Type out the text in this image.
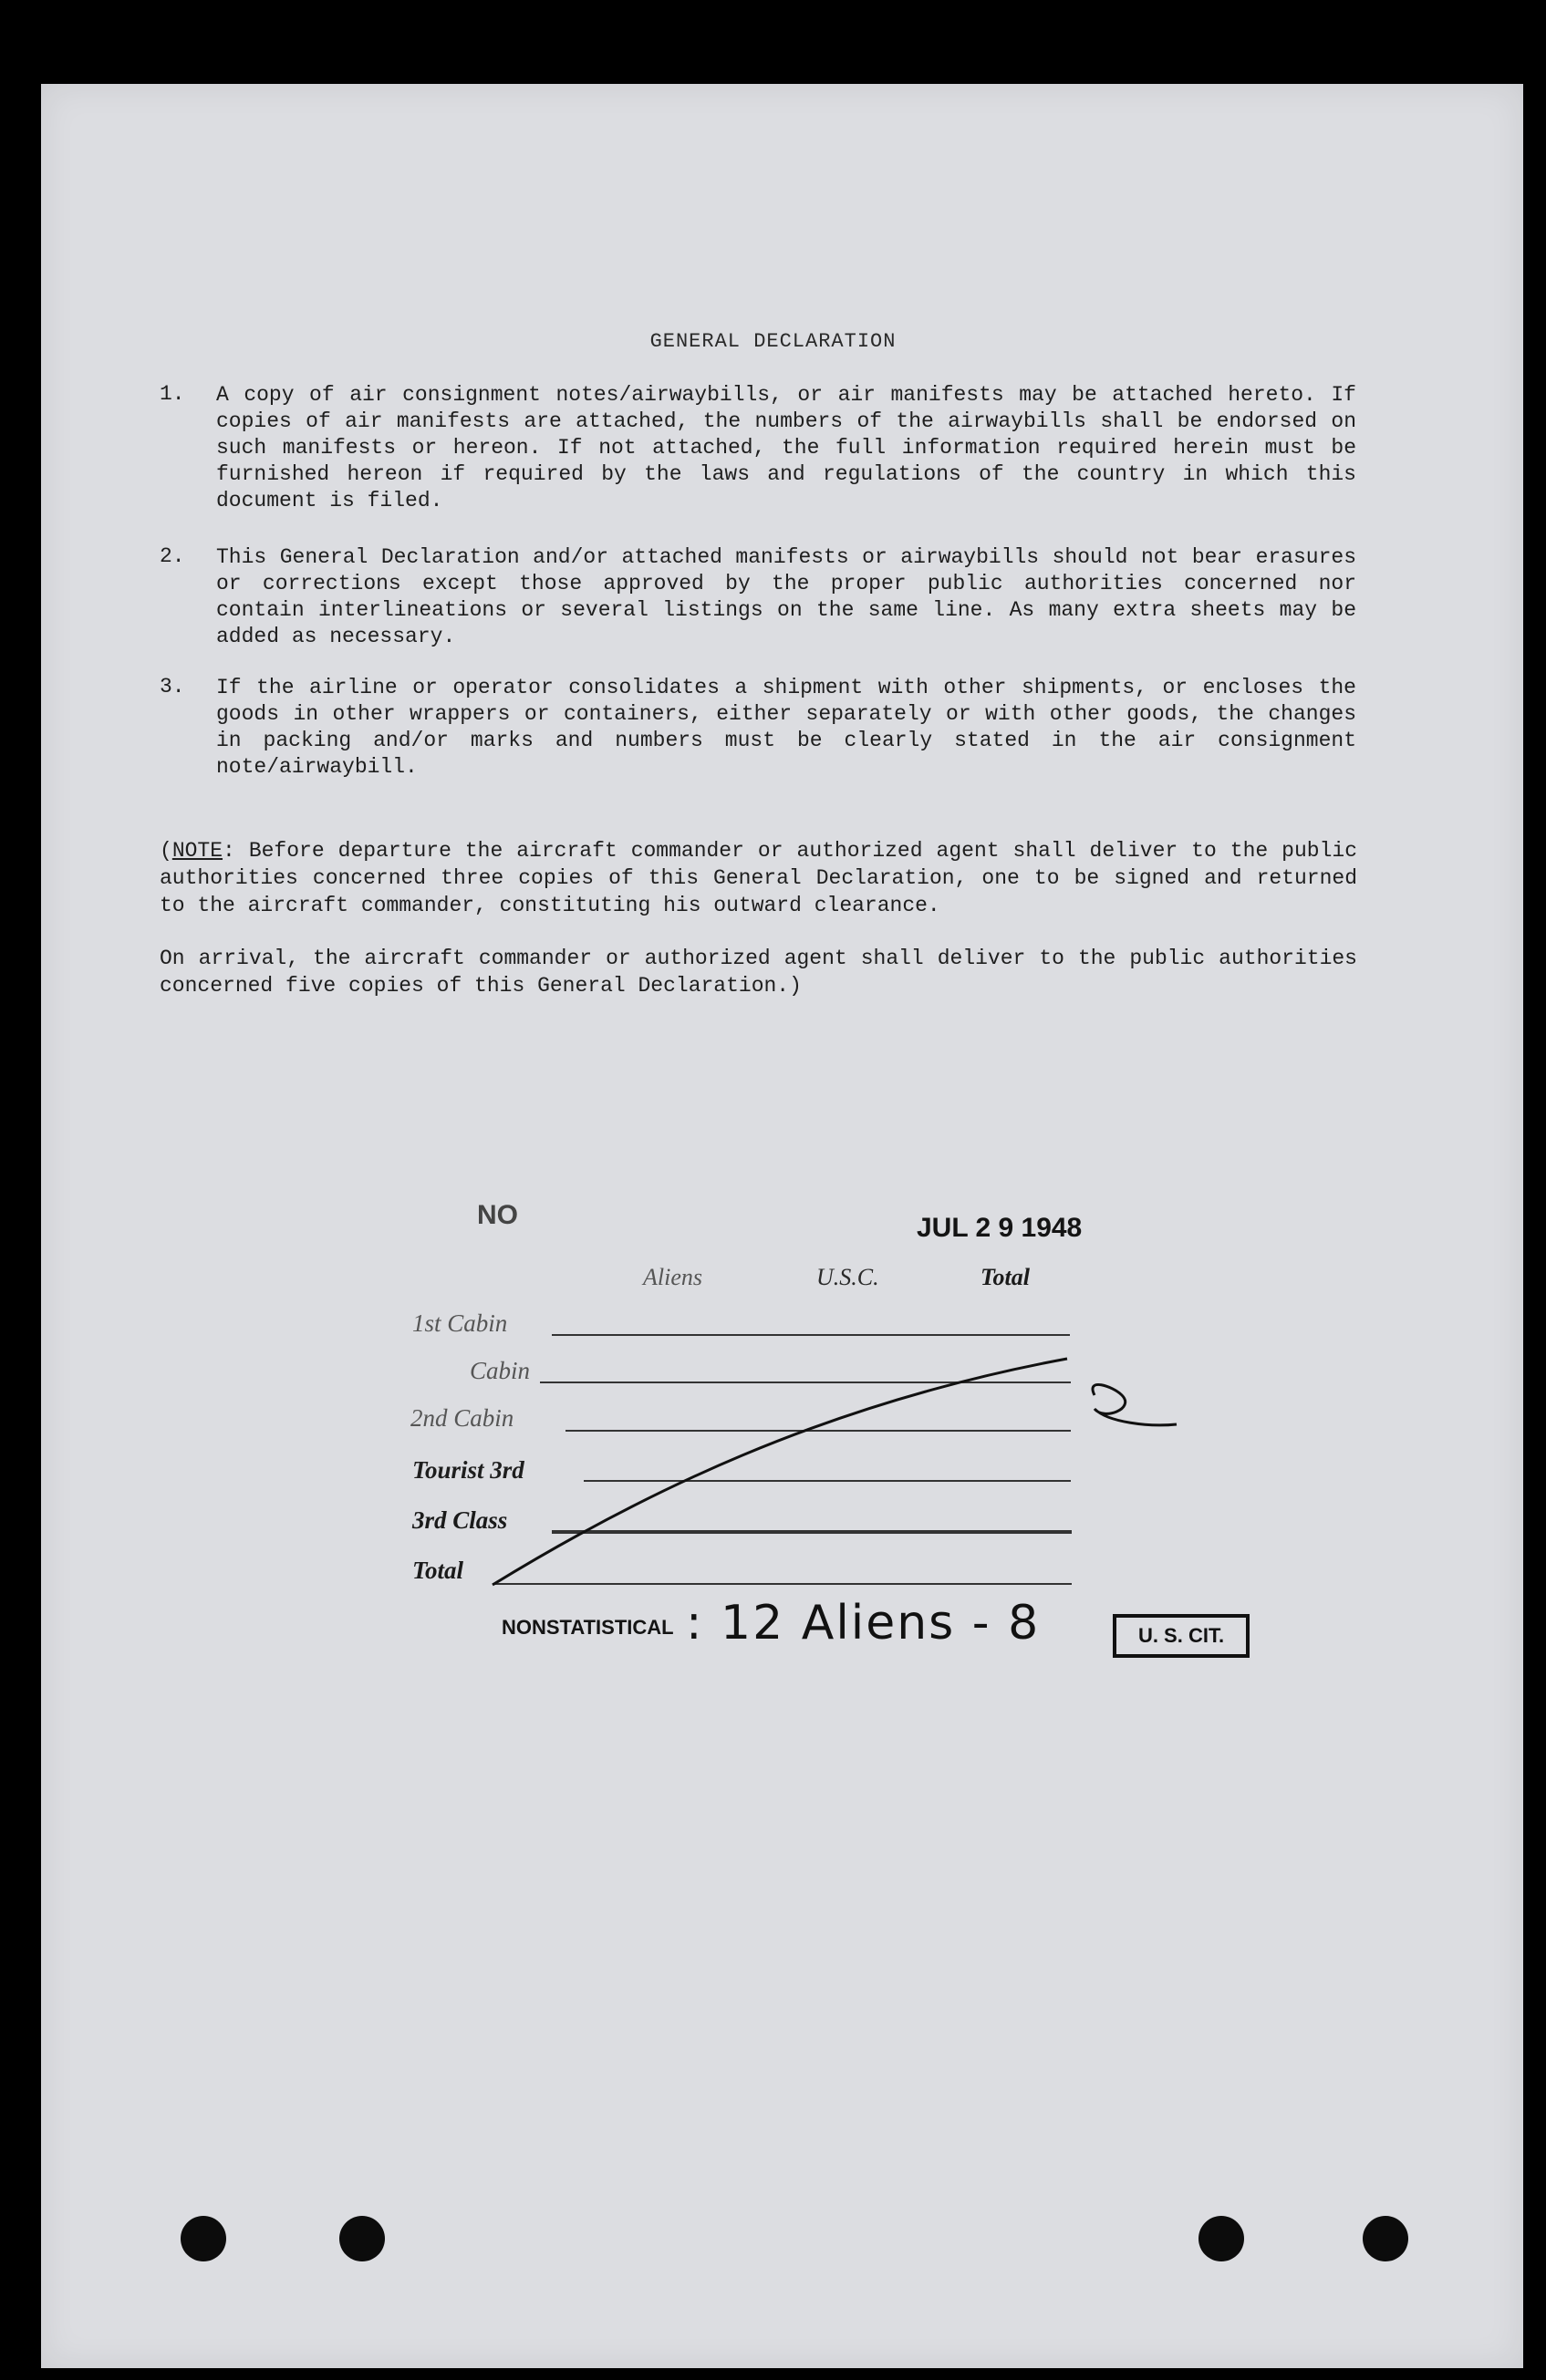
GENERAL DECLARATION
1. A copy of air consignment notes/airwaybills, or air manifests may be attached hereto. If copies of air manifests are attached, the numbers of the airwaybills shall be endorsed on such manifests or hereon. If not attached, the full information required herein must be furnished hereon if required by the laws and regulations of the country in which this document is filed.

2. This General Declaration and/or attached manifests or airwaybills should not bear erasures or corrections except those approved by the proper public authorities concerned nor contain interlineations or several listings on the same line. As many extra sheets may be added as necessary.

3. If the airline or operator consolidates a shipment with other shipments, or encloses the goods in other wrappers or containers, either separately or with other goods, the changes in packing and/or marks and numbers must be clearly stated in the air consignment note/airwaybill.

(NOTE: Before departure the aircraft commander or authorized agent shall deliver to the public authorities concerned three copies of this General Declaration, one to be signed and returned to the aircraft commander, constituting his outward clearance.

On arrival, the aircraft commander or authorized agent shall deliver to the public authorities concerned five copies of this General Declaration.)

NO	JUL 2 9 1948
Aliens	U.S.C.	Total
1st Cabin
Cabin
2nd Cabin
Tourist 3rd
3rd Class
Total
NONSTATISTICAL : 12 Aliens - 8	U. S. CIT.
